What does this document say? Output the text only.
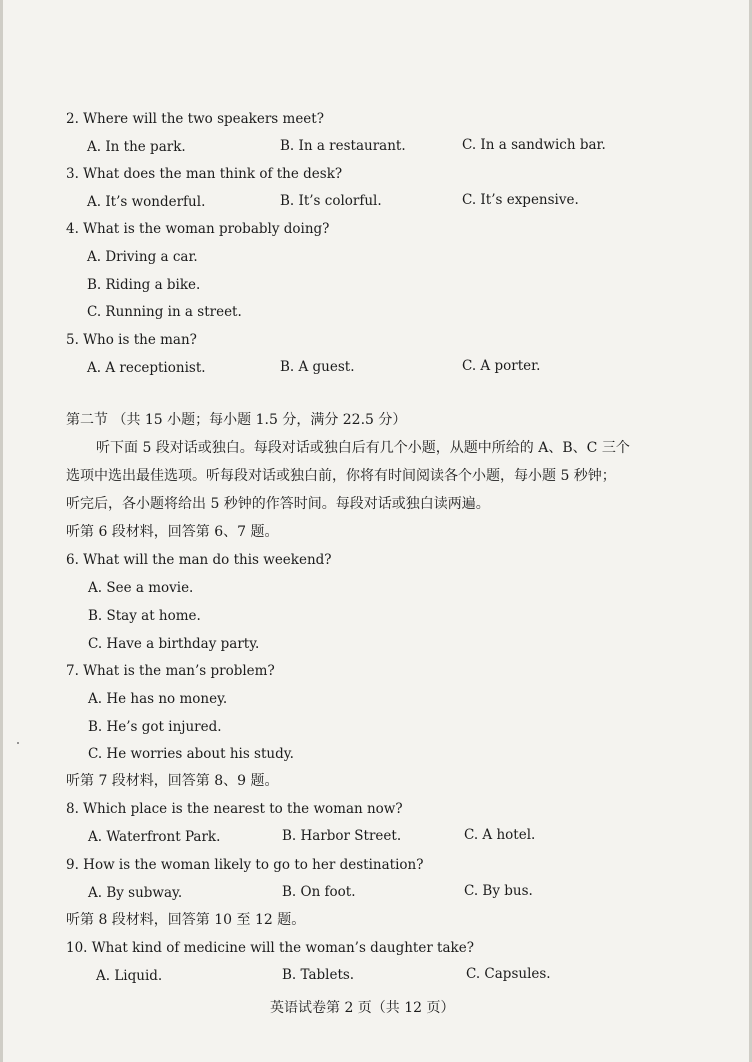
2. Where will the two speakers meet?
A. In the park.	B. In a restaurant.	C. In a sandwich bar.
3. What does the man think of the desk?
A. It’s wonderful.	B. It’s colorful.	C. It’s expensive.
4. What is the woman probably doing?
A. Driving a car.
B. Riding a bike.
C. Running in a street.
5. Who is the man?
A. A receptionist.	B. A guest.	C. A porter.
第二节 （共 15 小题；每小题 1.5 分，满分 22.5 分）
听下面 5 段对话或独白。每段对话或独白后有几个小题，从题中所给的 A、B、C 三个
选项中选出最佳选项。听每段对话或独白前，你将有时间阅读各个小题，每小题 5 秒钟；
听完后，各小题将给出 5 秒钟的作答时间。每段对话或独白读两遍。
听第 6 段材料，回答第 6、7 题。
6. What will the man do this weekend?
A. See a movie.
B. Stay at home.
C. Have a birthday party.
7. What is the man’s problem?
A. He has no money.
B. He’s got injured.
C. He worries about his study.
听第 7 段材料，回答第 8、9 题。
8. Which place is the nearest to the woman now?
A. Waterfront Park.	B. Harbor Street.	C. A hotel.
9. How is the woman likely to go to her destination?
A. By subway.	B. On foot.	C. By bus.
听第 8 段材料，回答第 10 至 12 题。
10. What kind of medicine will the woman’s daughter take?
A. Liquid.	B. Tablets.	C. Capsules.
英语试卷第 2 页（共 12 页）
